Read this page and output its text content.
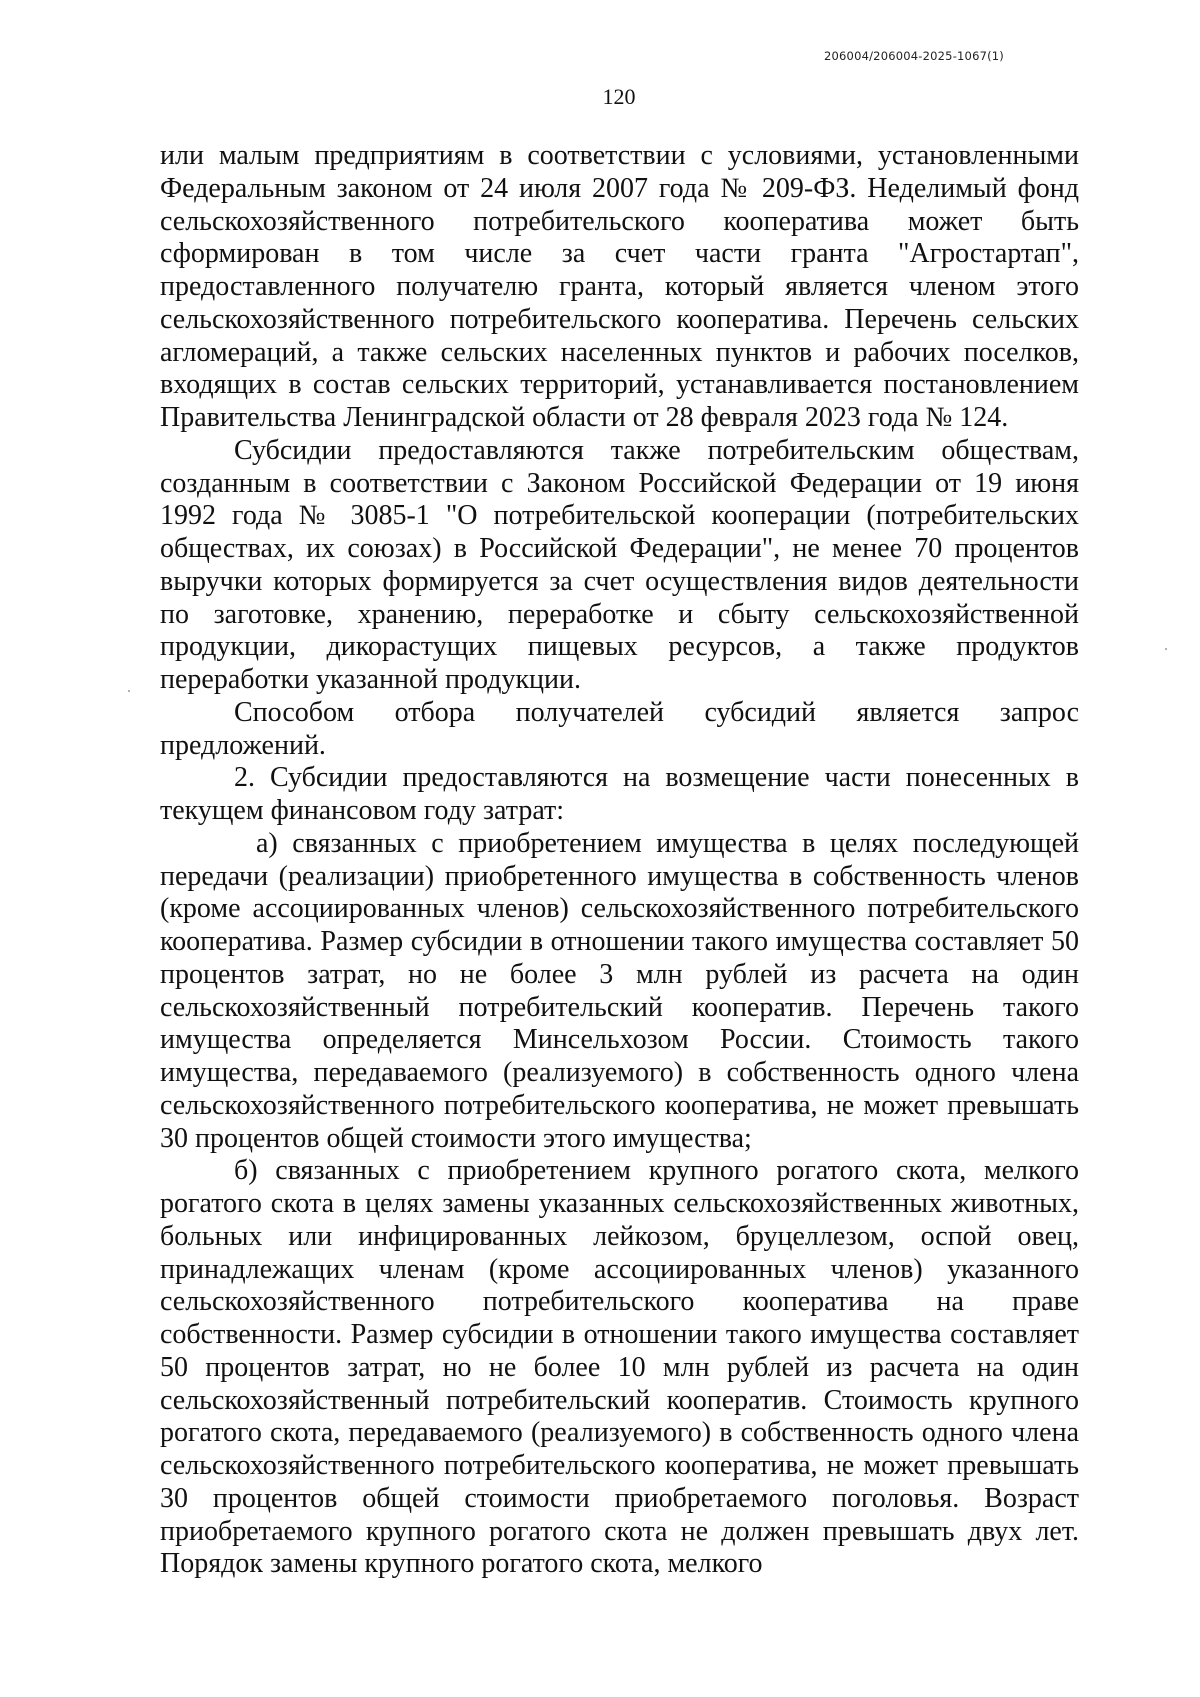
206004/206004-2025-1067(1)
120

или малым предприятиям в соответствии с условиями, установленными Федеральным законом от 24 июля 2007 года № 209-ФЗ. Неделимый фонд сельскохозяйственного потребительского кооператива может быть сформирован в том числе за счет части гранта "Агростартап", предоставленного получателю гранта, который является членом этого сельскохозяйственного потребительского кооператива. Перечень сельских агломераций, а также сельских населенных пунктов и рабочих поселков, входящих в состав сельских территорий, устанавливается постановлением Правительства Ленинградской области от 28 февраля 2023 года № 124.

Субсидии предоставляются также потребительским обществам, созданным в соответствии с Законом Российской Федерации от 19 июня 1992 года № 3085-1 "О потребительской кооперации (потребительских обществах, их союзах) в Российской Федерации", не менее 70 процентов выручки которых формируется за счет осуществления видов деятельности по заготовке, хранению, переработке и сбыту сельскохозяйственной продукции, дикорастущих пищевых ресурсов, а также продуктов переработки указанной продукции.

Способом отбора получателей субсидий является запрос предложений.

2. Субсидии предоставляются на возмещение части понесенных в текущем финансовом году затрат:

а) связанных с приобретением имущества в целях последующей передачи (реализации) приобретенного имущества в собственность членов (кроме ассоциированных членов) сельскохозяйственного потребительского кооператива. Размер субсидии в отношении такого имущества составляет 50 процентов затрат, но не более 3 млн рублей из расчета на один сельскохозяйственный потребительский кооператив. Перечень такого имущества определяется Минсельхозом России. Стоимость такого имущества, передаваемого (реализуемого) в собственность одного члена сельскохозяйственного потребительского кооператива, не может превышать 30 процентов общей стоимости этого имущества;

б) связанных с приобретением крупного рогатого скота, мелкого рогатого скота в целях замены указанных сельскохозяйственных животных, больных или инфицированных лейкозом, бруцеллезом, оспой овец, принадлежащих членам (кроме ассоциированных членов) указанного сельскохозяйственного потребительского кооператива на праве собственности. Размер субсидии в отношении такого имущества составляет 50 процентов затрат, но не более 10 млн рублей из расчета на один сельскохозяйственный потребительский кооператив. Стоимость крупного рогатого скота, передаваемого (реализуемого) в собственность одного члена сельскохозяйственного потребительского кооператива, не может превышать 30 процентов общей стоимости приобретаемого поголовья. Возраст приобретаемого крупного рогатого скота не должен превышать двух лет. Порядок замены крупного рогатого скота, мелкого
